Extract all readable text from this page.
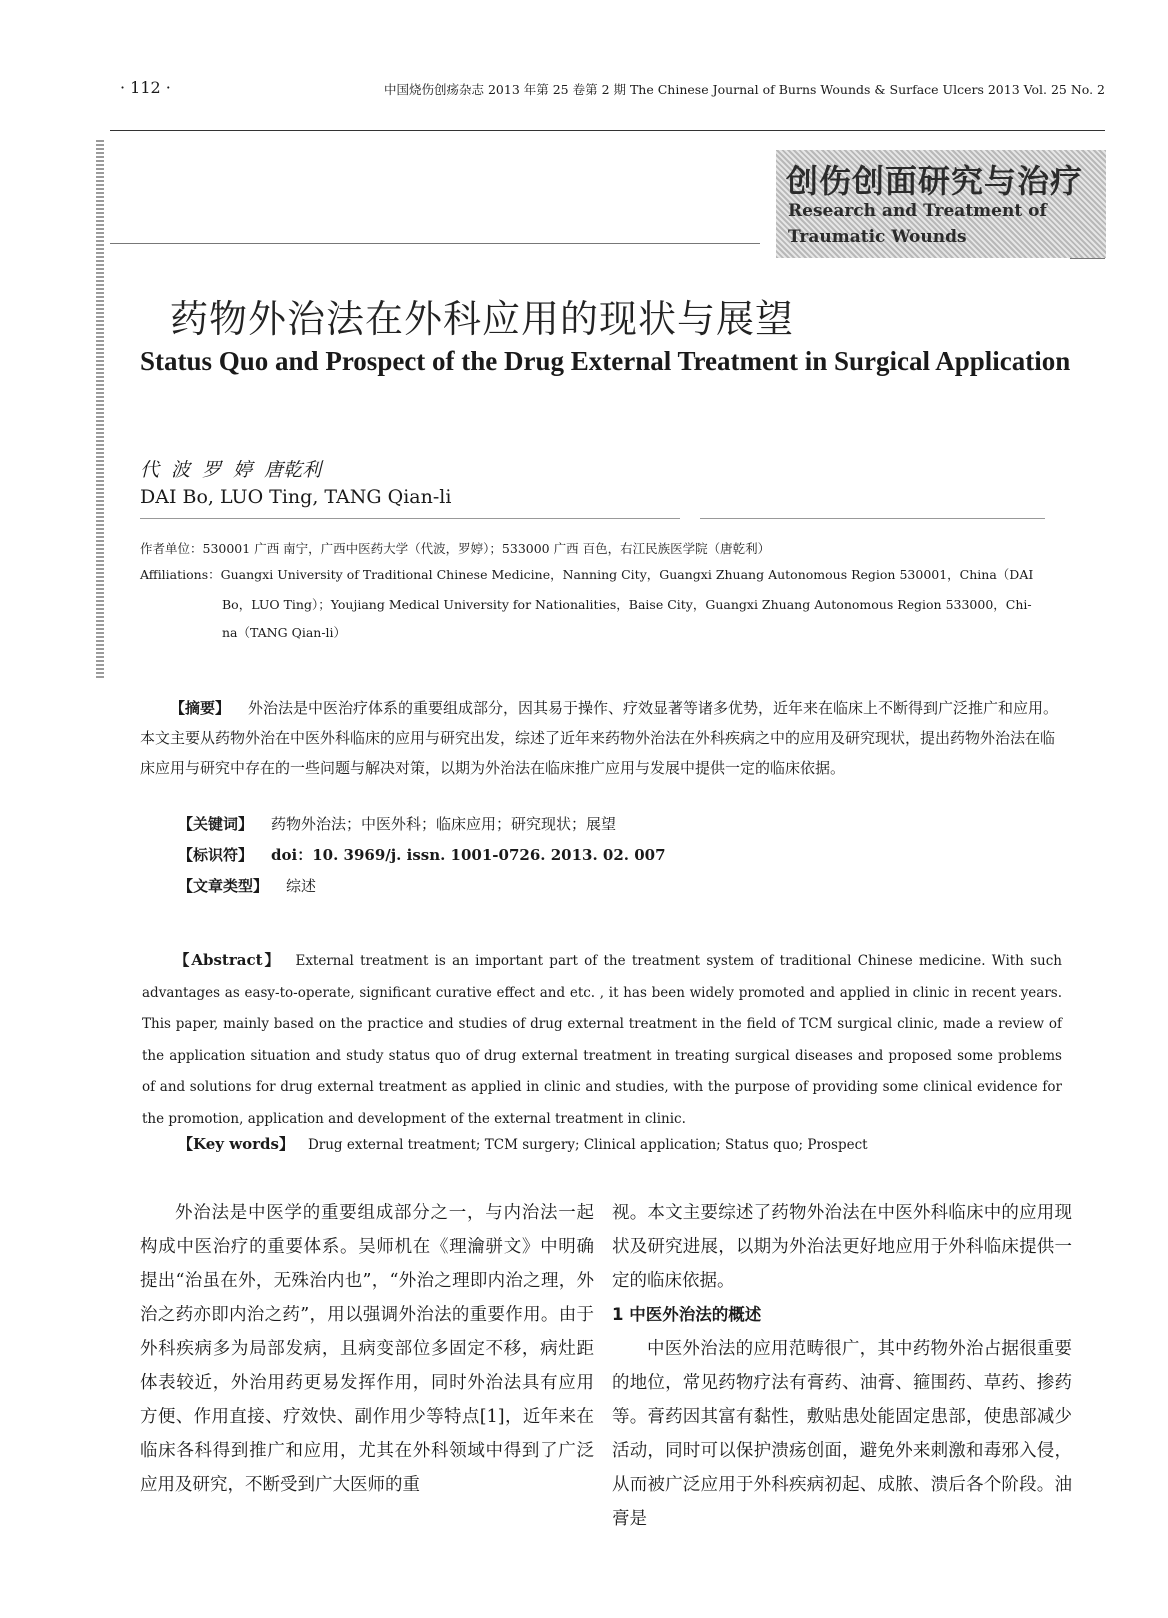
· 112 ·	中国烧伤创疡杂志 2013 年第 25 卷第 2 期 The Chinese Journal of Burns Wounds & Surface Ulcers 2013 Vol. 25 No. 2
创伤创面研究与治疗
Research and Treatment of Traumatic Wounds
药物外治法在外科应用的现状与展望
Status Quo and Prospect of the Drug External Treatment in Surgical Application
代 波 罗 婷 唐乾利
DAI Bo, LUO Ting, TANG Qian-li
作者单位：530001 广西 南宁，广西中医药大学（代波，罗婷）；533000 广西 百色，右江民族医学院（唐乾利）
Affiliations：Guangxi University of Traditional Chinese Medicine，Nanning City，Guangxi Zhuang Autonomous Region 530001，China（DAI
Bo，LUO Ting）；Youjiang Medical University for Nationalities，Baise City，Guangxi Zhuang Autonomous Region 533000，Chi-
na（TANG Qian-li）
【摘要】 外治法是中医治疗体系的重要组成部分，因其易于操作、疗效显著等诸多优势，近年来在临床上不断得到广泛推广和应用。本文主要从药物外治在中医外科临床的应用与研究出发，综述了近年来药物外治法在外科疾病之中的应用及研究现状，提出药物外治法在临床应用与研究中存在的一些问题与解决对策，以期为外治法在临床推广应用与发展中提供一定的临床依据。
【关键词】 药物外治法；中医外科；临床应用；研究现状；展望
【标识符】 doi：10. 3969/j. issn. 1001-0726. 2013. 02. 007
【文章类型】 综述
【Abstract】 External treatment is an important part of the treatment system of traditional Chinese medicine. With such advantages as easy-to-operate, significant curative effect and etc. , it has been widely promoted and applied in clinic in recent years. This paper, mainly based on the practice and studies of drug external treatment in the field of TCM surgical clinic, made a review of the application situation and study status quo of drug external treatment in treating surgical diseases and proposed some problems of and solutions for drug external treatment as applied in clinic and studies, with the purpose of providing some clinical evidence for the promotion, application and development of the external treatment in clinic.
【Key words】 Drug external treatment; TCM surgery; Clinical application; Status quo; Prospect
外治法是中医学的重要组成部分之一，与内治法一起构成中医治疗的重要体系。吴师机在《理瀹骈文》中明确提出“治虽在外，无殊治内也”，“外治之理即内治之理，外治之药亦即内治之药”，用以强调外治法的重要作用。由于外科疾病多为局部发病，且病变部位多固定不移，病灶距体表较近，外治用药更易发挥作用，同时外治法具有应用方便、作用直接、疗效快、副作用少等特点[1]，近年来在临床各科得到推广和应用，尤其在外科领域中得到了广泛应用及研究，不断受到广大医师的重
视。本文主要综述了药物外治法在中医外科临床中的应用现状及研究进展，以期为外治法更好地应用于外科临床提供一定的临床依据。
1 中医外治法的概述
中医外治法的应用范畴很广，其中药物外治占据很重要的地位，常见药物疗法有膏药、油膏、箍围药、草药、掺药等。膏药因其富有黏性，敷贴患处能固定患部，使患部减少活动，同时可以保护溃疡创面，避免外来刺激和毒邪入侵，从而被广泛应用于外科疾病初起、成脓、溃后各个阶段。油膏是
